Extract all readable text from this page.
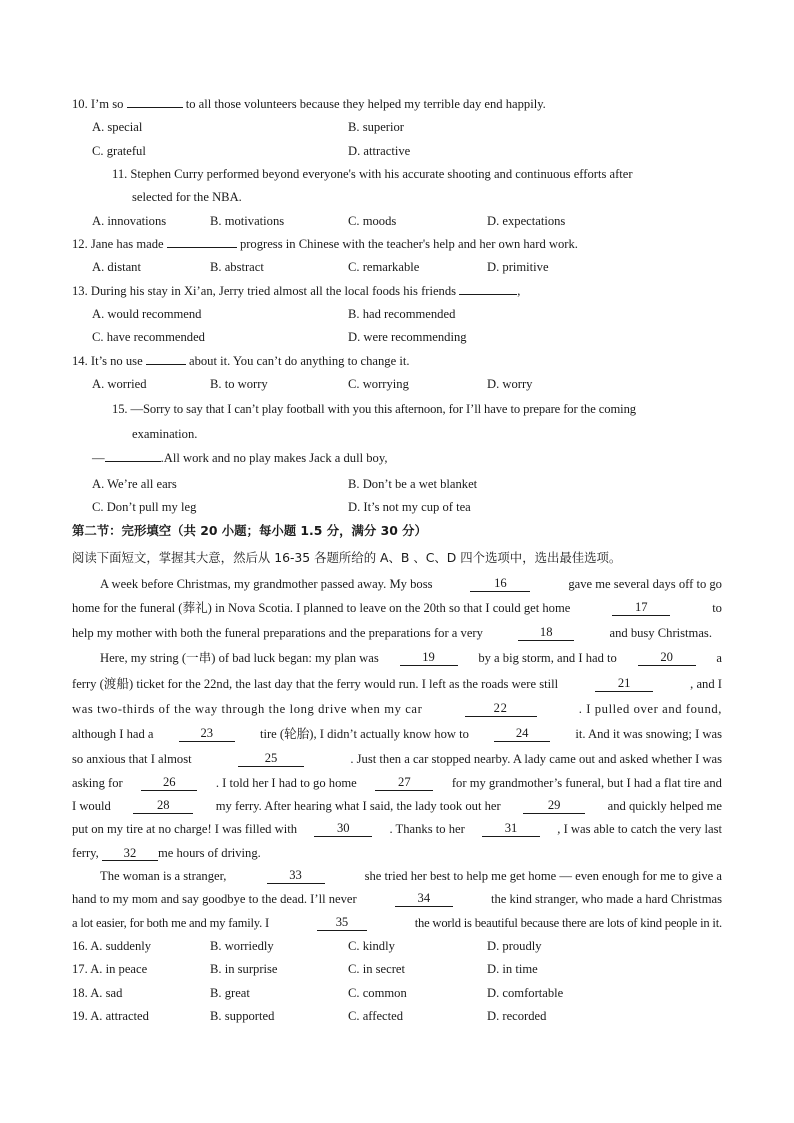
10. I’m so	to all those volunteers because they helped my terrible day end happily.
A. special	B. superior
C. grateful	D. attractive
11. Stephen Curry performed beyond everyone's with his accurate shooting and continuous efforts after
selected for the NBA.
A. innovations	B. motivations	C. moods	D. expectations
12. Jane has made	progress in Chinese with the teacher's help and her own hard work.
A. distant	B. abstract	C. remarkable	D. primitive
13. During his stay in Xi’an, Jerry tried almost all the local foods his friends	,
A. would recommend	B. had recommended
C. have recommended	D. were recommending
14. It’s no use	about it. You can’t do anything to change it.
A. worried	B. to worry	C. worrying	D. worry
15. —Sorry to say that I can’t play football with you this afternoon, for I’ll have to prepare for the coming
examination.
—	.All work and no play makes Jack a dull boy,
A. We’re all ears	B. Don’t be a wet blanket
C. Don’t pull my leg	D. It’s not my cup of tea
第二节：完形填空（共 20 小题；每小题 1.5 分，满分 30 分）
阅读下面短文，掌握其大意，然后从 16-35 各题所给的 A、B 、C、D 四个选项中，选出最佳选项。
A week before Christmas, my grandmother passed away. My boss	16	gave me several days off to go
home for the funeral (葬礼) in Nova Scotia. I planned to leave on the 20th so that I could get home	17	to
help my mother with both the funeral preparations and the preparations for a very	18	and busy Christmas.
Here, my string (一串) of bad luck began: my plan was	19	by a big storm, and I had to	20	a
ferry (渡船) ticket for the 22nd, the last day that the ferry would run. I left as the roads were still	21	, and I
was two-thirds of the way through the long drive when my car	22	. I pulled over and found,
although I had a	23	tire (轮胎), I didn’t actually know how to	24	it. And it was snowing; I was
so anxious that I almost	25	. Just then a car stopped nearby. A lady came out and asked whether I was
asking for	26	. I told her I had to go home	27	for my grandmother’s funeral, but I had a flat tire and
I would	28	my ferry. After hearing what I said, the lady took out her	29	and quickly helped me
put on my tire at no charge! I was filled with	30	. Thanks to her	31	, I was able to catch the very last
ferry, 32 me hours of driving.
The woman is a stranger,	33	she tried her best to help me get home — even enough for me to give a
hand to my mom and say goodbye to the dead. I’ll never	34	the kind stranger, who made a hard Christmas
a lot easier, for both me and my family. I	35	the world is beautiful because there are lots of kind people in it.
16. A. suddenly	B. worriedly	C. kindly	D. proudly
17. A. in peace	B. in surprise	C. in secret	D. in time
18. A. sad	B. great	C. common	D. comfortable
19. A. attracted	B. supported	C. affected	D. recorded
